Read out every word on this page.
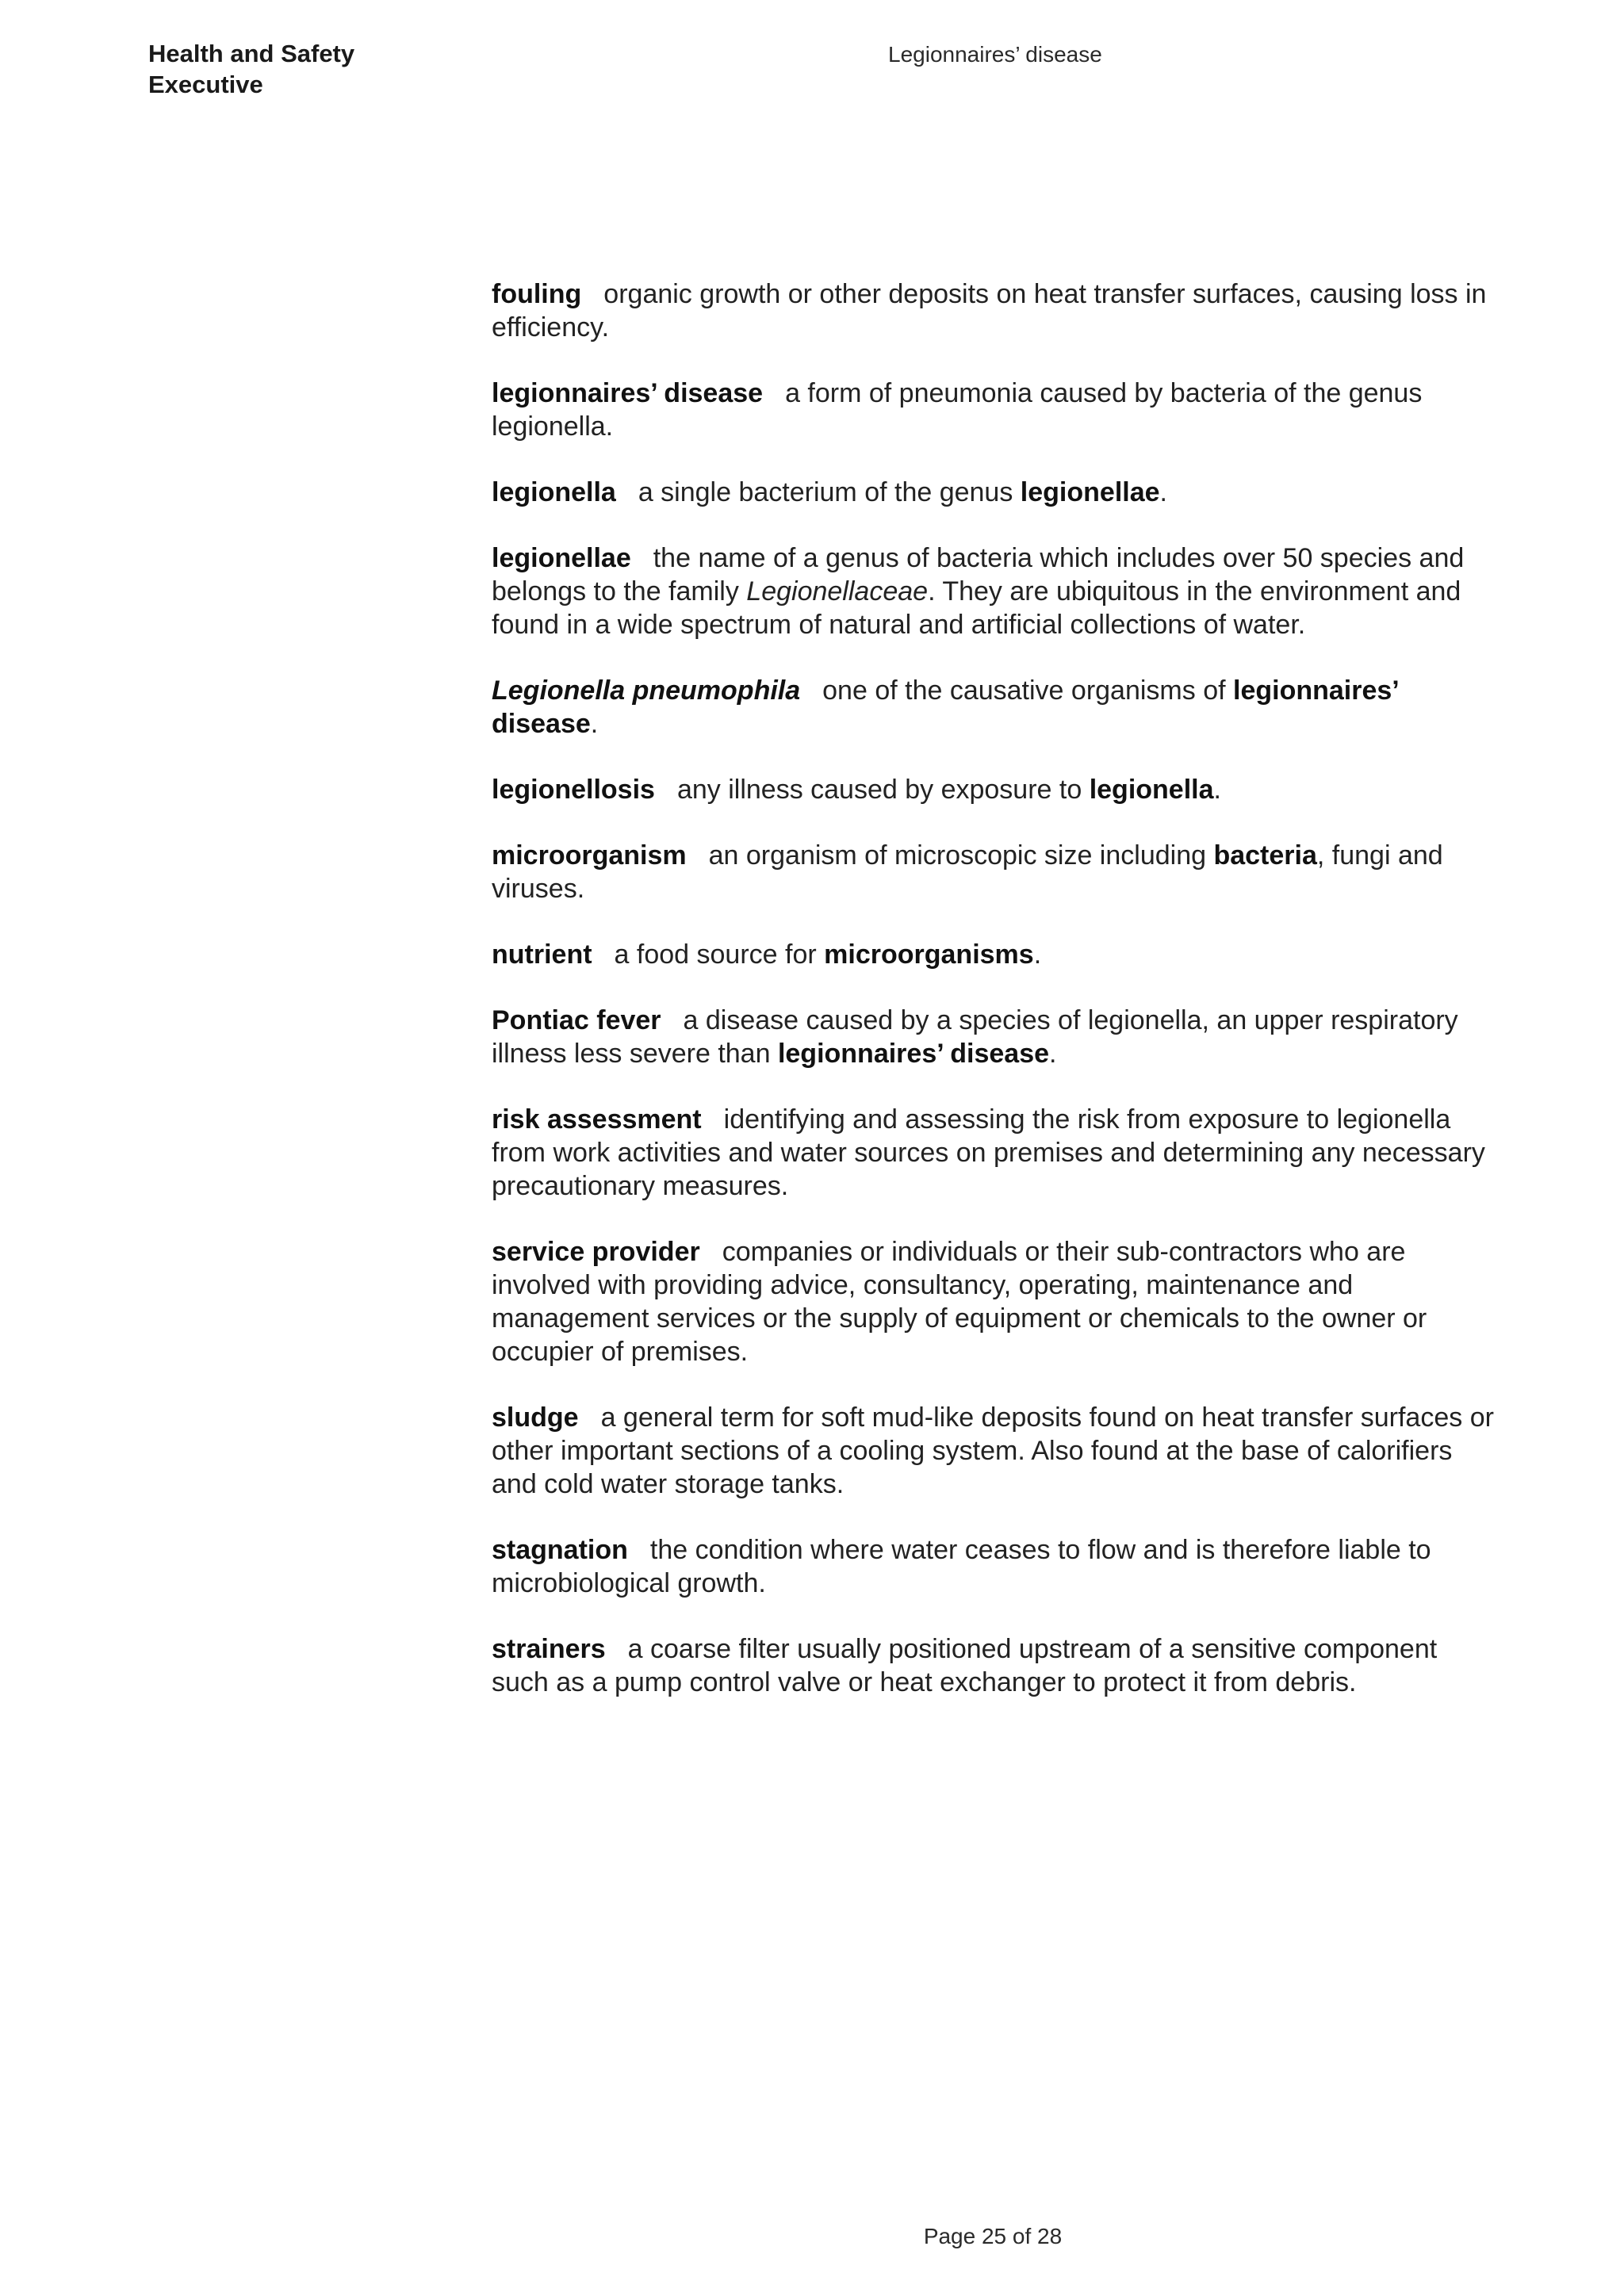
Health and Safety
Executive
Legionnaires’ disease
fouling organic growth or other deposits on heat transfer surfaces, causing loss in efficiency.
legionnaires’ disease a form of pneumonia caused by bacteria of the genus legionella.
legionella a single bacterium of the genus legionellae.
legionellae the name of a genus of bacteria which includes over 50 species and belongs to the family Legionellaceae. They are ubiquitous in the environment and found in a wide spectrum of natural and artificial collections of water.
Legionella pneumophila one of the causative organisms of legionnaires’ disease.
legionellosis any illness caused by exposure to legionella.
microorganism an organism of microscopic size including bacteria, fungi and viruses.
nutrient a food source for microorganisms.
Pontiac fever a disease caused by a species of legionella, an upper respiratory illness less severe than legionnaires’ disease.
risk assessment identifying and assessing the risk from exposure to legionella from work activities and water sources on premises and determining any necessary precautionary measures.
service provider companies or individuals or their sub-contractors who are involved with providing advice, consultancy, operating, maintenance and management services or the supply of equipment or chemicals to the owner or occupier of premises.
sludge a general term for soft mud-like deposits found on heat transfer surfaces or other important sections of a cooling system. Also found at the base of calorifiers and cold water storage tanks.
stagnation the condition where water ceases to flow and is therefore liable to microbiological growth.
strainers a coarse filter usually positioned upstream of a sensitive component such as a pump control valve or heat exchanger to protect it from debris.
Page 25 of 28
